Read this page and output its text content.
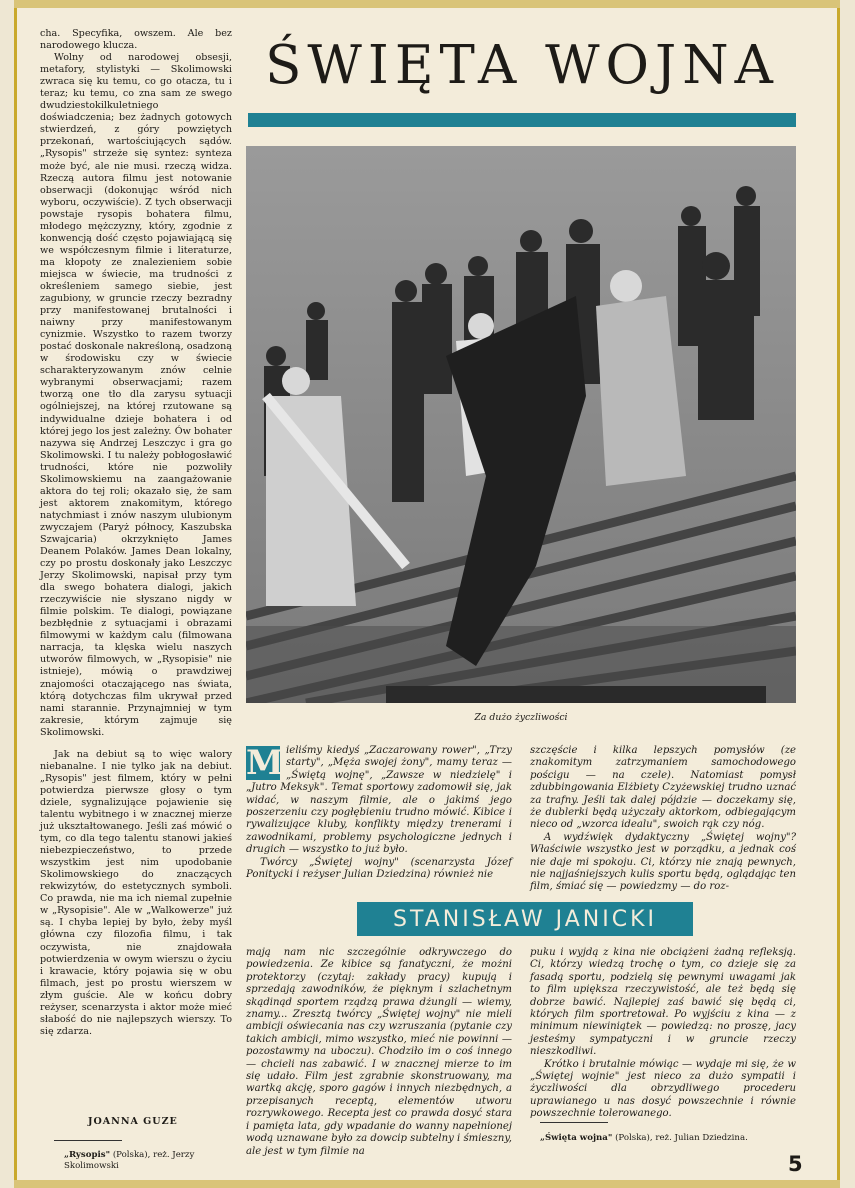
cha. Specyfika, owszem. Ale bez narodowego klucza.

Wolny od narodowej obsesji, metafory, stylistyki — Skolimowski zwraca się ku temu, co go otacza, tu i teraz; ku temu, co zna sam ze swego dwudziestokilkuletniego doświadczenia; bez żadnych gotowych stwierdzeń, z góry powziętych przekonań, wartościujących sądów. „Rysopis" strzeże się syntez: synteza może być, ale nie musi. rzeczą widza. Rzeczą autora filmu jest notowanie obserwacji (dokonując wśród nich wyboru, oczywiście). Z tych obserwacji powstaje rysopis bohatera filmu, młodego mężczyzny, który, zgodnie z konwencją dość często pojawiającą się we współczesnym filmie i literaturze, ma kłopoty ze znalezieniem sobie miejsca w świecie, ma trudności z określeniem samego siebie, jest zagubiony, w gruncie rzeczy bezradny przy manifestowanej brutalności i naiwny przy manifestowanym cynizmie. Wszystko to razem tworzy postać doskonale nakreśloną, osadzoną w środowisku czy w świecie scharakteryzowanym znów celnie wybranymi obserwacjami; razem tworzą one tło dla zarysu sytuacji ogólniejszej, na której rzutowane są indywidualne dzieje bohatera i od której jego los jest zależny. Ów bohater nazywa się Andrzej Leszczyc i gra go Skolimowski. I tu należy pobłogosławić trudności, które nie pozwoliły Skolimowskiemu na zaangażowanie aktora do tej roli; okazało się, że sam jest aktorem znakomitym, którego natychmiast i znów naszym ulubionym zwyczajem (Paryż północy, Kaszubska Szwajcaria) okrzyknięto James Deanem Polaków. James Dean lokalny, czy po prostu doskonały jako Leszczyc Jerzy Skolimowski, napisał przy tym dla swego bohatera dialogi, jakich rzeczywiście nie słyszano nigdy w filmie polskim. Te dialogi, powiązane bezbłędnie z sytuacjami i obrazami filmowymi w każdym calu (filmowana narracja, ta klęska wielu naszych utworów filmowych, w „Rysopisie" nie istnieje), mówią o prawdziwej znajomości otaczającego nas świata, którą dotychczas film ukrywał przed nami starannie. Przynajmniej w tym zakresie, którym zajmuje się Skolimowski.

Jak na debiut są to więc walory niebanalne. I nie tylko jak na debiut. „Rysopis" jest filmem, który w pełni potwierdza pierwsze głosy o tym dziele, sygnalizujące pojawienie się talentu wybitnego i w znacznej mierze już ukształtowanego. Jeśli zaś mówić o tym, co dla tego talentu stanowi jakieś niebezpieczeństwo, to przede wszystkim jest nim upodobanie Skolimowskiego do znaczących rekwizytów, do estetycznych symboli. Co prawda, nie ma ich niemal zupełnie w „Rysopisie". Ale w „Walkowerze" już są. I chyba lepiej by było, żeby myśl główna czy filozofia filmu, i tak oczywista, nie znajdowała potwierdzenia w owym wierszu o życiu i krawacie, który pojawia się w obu filmach, jest po prostu wierszem w złym guście. Ale w końcu dobry reżyser, scenarzysta i aktor może mieć słabość do nie najlepszych wierszy. To się zdarza.

JOANNA GUZE
„Rysopis" (Polska), reż. Jerzy Skolimowski
ŚWIĘTA WOJNA
Za dużo życzliwości

M ieliśmy kiedyś „Zaczarowany rower", „Trzy starty", „Męża swojej żony", mamy teraz — „Świętą wojnę", „Zawsze w niedzielę" i „Jutro Meksyk". Temat sportowy zadomowił się, jak widać, w naszym filmie, ale o jakimś jego poszerzeniu czy pogłębieniu trudno mówić. Kibice i rywalizujące kluby, konflikty między trenerami i zawodnikami, problemy psychologiczne jednych i drugich — wszystko to już było.

Twórcy „Świętej wojny" (scenarzysta Józef Ponitycki i reżyser Julian Dziedzina) również nie

szczęście i kilka lepszych pomysłów (ze znakomitym zatrzymaniem samochodowego pościgu — na czele). Natomiast pomysł zdubbingowania Elżbiety Czyżewskiej trudno uznać za trafny. Jeśli tak dalej pójdzie — doczekamy się, że dublerki będą użyczały aktorkom, odbiegającym nieco od „wzorca idealu", swoich rąk czy nóg.

A wydźwięk dydaktyczny „Świętej wojny"? Właściwie wszystko jest w porządku, a jednak coś nie daje mi spokoju. Ci, którzy nie znają pewnych, nie najjaśniejszych kulis sportu będą, oglądając ten film, śmiać się — powiedzmy — do roz-

STANISŁAW JANICKI

mają nam nic szczególnie odkrywczego do powiedzenia. Ze kibice są fanatyczni, że możni protektorzy (czytaj: zakłady pracy) kupują i sprzedają zawodników, że pięknym i szlachetnym skądinąd sportem rządzą prawa dżungli — wiemy, znamy... Zresztą twórcy „Świętej wojny" nie mieli ambicji oświecania nas czy wzruszania (pytanie czy takich ambicji, mimo wszystko, mieć nie powinni — pozostawmy na uboczu). Chodziło im o coś innego — chcieli nas zabawić. I w znacznej mierze to im się udało. Film jest zgrabnie skonstruowany, ma wartką akcję, sporo gagów i innych niezbędnych, a przepisanych receptą, elementów utworu rozrywkowego. Recepta jest co prawda dosyć stara i pamięta lata, gdy wpadanie do wanny napełnionej wodą uznawane było za dowcip subtelny i śmieszny, ale jest w tym filmie na

puku i wyjdą z kina nie obciążeni żadną refleksją. Ci, którzy wiedzą trochę o tym, co dzieje się za fasadą sportu, podzielą się pewnymi uwagami jak to film upiększa rzeczywistość, ale też będą się dobrze bawić. Najlepiej zaś bawić się będą ci, których film sportretował. Po wyjściu z kina — z minimum niewiniątek — powiedzą: no proszę, jacy jesteśmy sympatyczni i w gruncie rzeczy nieszkodliwi.

Krótko i brutalnie mówiąc — wydaje mi się, że w „Świętej wojnie" jest nieco za dużo sympatii i życzliwości dla obrzydliwego procederu uprawianego u nas dosyć powszechnie i równie powszechnie tolerowanego.

„Święta wojna" (Polska), reż. Julian Dziedzina.
5
